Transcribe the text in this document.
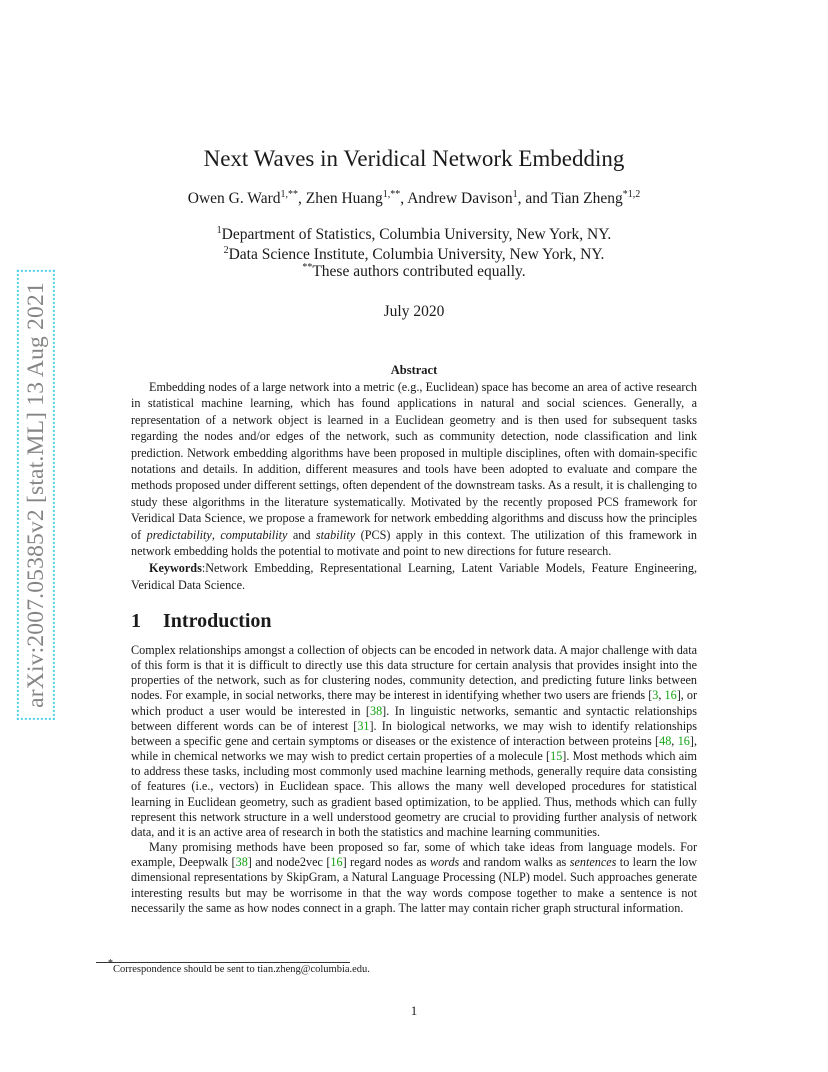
arXiv:2007.05385v2 [stat.ML] 13 Aug 2021
Next Waves in Veridical Network Embedding
Owen G. Ward$^{1,**}$, Zhen Huang$^{1,**}$, Andrew Davison$^1$, and Tian Zheng$^{*1,2}$
$^1$Department of Statistics, Columbia University, New York, NY.
$^2$Data Science Institute, Columbia University, New York, NY.
**These authors contributed equally.
July 2020
Abstract

Embedding nodes of a large network into a metric (e.g., Euclidean) space has become an area of active research in statistical machine learning, which has found applications in natural and social sciences. Generally, a representation of a network object is learned in a Euclidean geometry and is then used for subsequent tasks regarding the nodes and/or edges of the network, such as community detection, node classification and link prediction. Network embedding algorithms have been proposed in multiple disciplines, often with domain-specific notations and details. In addition, different measures and tools have been adopted to evaluate and compare the methods proposed under different settings, often dependent of the downstream tasks. As a result, it is challenging to study these algorithms in the literature systematically. Motivated by the recently proposed PCS framework for Veridical Data Science, we propose a framework for network embedding algorithms and discuss how the principles of predictability, computability and stability (PCS) apply in this context. The utilization of this framework in network embedding holds the potential to motivate and point to new directions for future research.

Keywords:Network Embedding, Representational Learning, Latent Variable Models, Feature Engineering, Veridical Data Science.

1 Introduction

Complex relationships amongst a collection of objects can be encoded in network data. A major challenge with data of this form is that it is difficult to directly use this data structure for certain analysis that provides insight into the properties of the network, such as for clustering nodes, community detection, and predicting future links between nodes. For example, in social networks, there may be interest in identifying whether two users are friends [3, 16], or which product a user would be interested in [38]. In linguistic networks, semantic and syntactic relationships between different words can be of interest [31]. In biological networks, we may wish to identify relationships between a specific gene and certain symptoms or diseases or the existence of interaction between proteins [48, 16], while in chemical networks we may wish to predict certain properties of a molecule [15]. Most methods which aim to address these tasks, including most commonly used machine learning methods, generally require data consisting of features (i.e., vectors) in Euclidean space. This allows the many well developed procedures for statistical learning in Euclidean geometry, such as gradient based optimization, to be applied. Thus, methods which can fully represent this network structure in a well understood geometry are crucial to providing further analysis of network data, and it is an active area of research in both the statistics and machine learning communities.

Many promising methods have been proposed so far, some of which take ideas from language models. For example, Deepwalk [38] and node2vec [16] regard nodes as words and random walks as sentences to learn the low dimensional representations by SkipGram, a Natural Language Processing (NLP) model. Such approaches generate interesting results but may be worrisome in that the way words compose together to make a sentence is not necessarily the same as how nodes connect in a graph. The latter may contain richer graph structural information.

*Correspondence should be sent to tian.zheng@columbia.edu.
1
